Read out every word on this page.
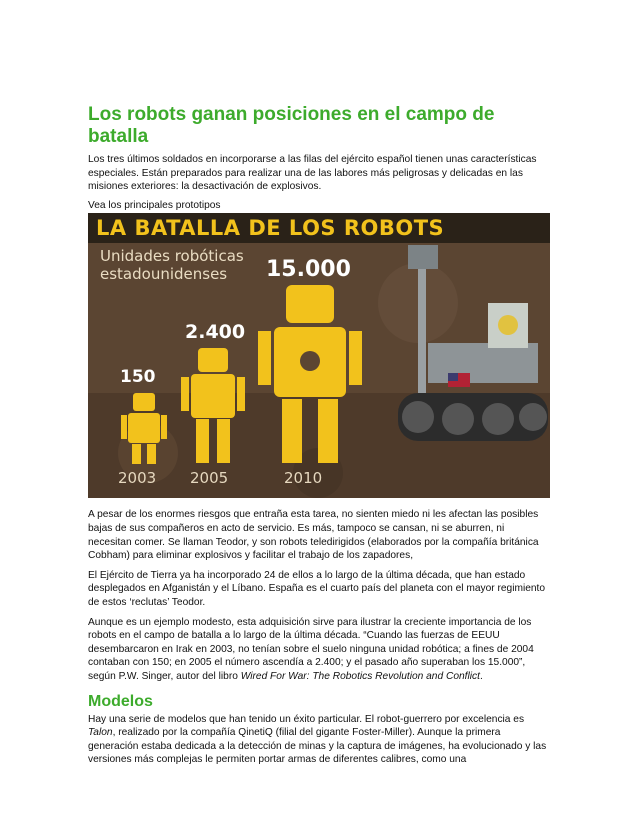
Los robots ganan posiciones en el campo de batalla

Los tres últimos soldados en incorporarse a las filas del ejército español tienen unas características especiales. Están preparados para realizar una de las labores más peligrosas y delicadas en las misiones exteriores: la desactivación de explosivos.

Vea los principales prototipos

LA BATALLA DE LOS ROBOTS
Unidades robóticas
estadounidenses
150
2.400
15.000
2003 2005	2010

A pesar de los enormes riesgos que entraña esta tarea, no sienten miedo ni les afectan las posibles bajas de sus compañeros en acto de servicio. Es más, tampoco se cansan, ni se aburren, ni necesitan comer. Se llaman Teodor, y son robots teledirigidos (elaborados por la compañía británica Cobham) para eliminar explosivos y facilitar el trabajo de los zapadores,

El Ejército de Tierra ya ha incorporado 24 de ellos a lo largo de la última década, que han estado desplegados en Afganistán y el Líbano. España es el cuarto país del planeta con el mayor regimiento de estos ‘reclutas’ Teodor.

Aunque es un ejemplo modesto, esta adquisición sirve para ilustrar la creciente importancia de los robots en el campo de batalla a lo largo de la última década. “Cuando las fuerzas de EEUU desembarcaron en Irak en 2003, no tenían sobre el suelo ninguna unidad robótica; a fines de 2004 contaban con 150; en 2005 el número ascendía a 2.400; y el pasado año superaban los 15.000”, según P.W. Singer, autor del libro Wired For War: The Robotics Revolution and Conflict.

Modelos

Hay una serie de modelos que han tenido un éxito particular. El robot-guerrero por excelencia es Talon, realizado por la compañía QinetiQ (filial del gigante Foster-Miller). Aunque la primera generación estaba dedicada a la detección de minas y la captura de imágenes, ha evolucionado y las versiones más complejas le permiten portar armas de diferentes calibres, como una
